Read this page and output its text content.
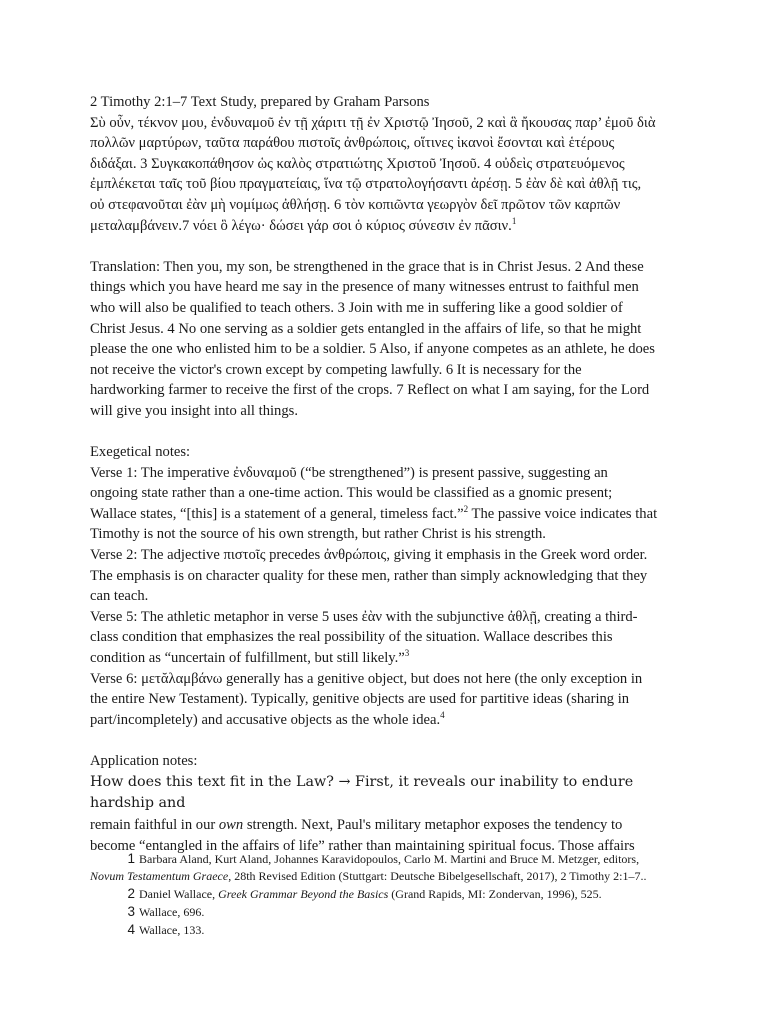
2 Timothy 2:1–7 Text Study, prepared by Graham Parsons

Σὺ οὖν, τέκνον μου, ἐνδυναμοῦ ἐν τῇ χάριτι τῇ ἐν Χριστῷ Ἰησοῦ, 2 καὶ ἃ ἤκουσας παρ’ ἐμοῦ διὰ

πολλῶν μαρτύρων, ταῦτα παράθου πιστοῖς ἀνθρώποις, οἵτινες ἱκανοὶ ἔσονται καὶ ἑτέρους

διδάξαι. 3 Συγκακοπάθησον ὡς καλὸς στρατιώτης Χριστοῦ Ἰησοῦ. 4 οὐδεὶς στρατευόμενος

ἐμπλέκεται ταῖς τοῦ βίου πραγματείαις, ἵνα τῷ στρατολογήσαντι ἀρέσῃ. 5 ἐὰν δὲ καὶ ἀθλῇ τις,

οὐ στεφανοῦται ἐὰν μὴ νομίμως ἀθλήσῃ. 6 τὸν κοπιῶντα γεωργὸν δεῖ πρῶτον τῶν καρπῶν

μεταλαμβάνειν.7 νόει ὃ λέγω· δώσει γάρ σοι ὁ κύριος σύνεσιν ἐν πᾶσιν.$^1$

Translation: Then you, my son, be strengthened in the grace that is in Christ Jesus. 2 And these

things which you have heard me say in the presence of many witnesses entrust to faithful men

who will also be qualified to teach others. 3 Join with me in suffering like a good soldier of

Christ Jesus. 4 No one serving as a soldier gets entangled in the affairs of life, so that he might

please the one who enlisted him to be a soldier. 5 Also, if anyone competes as an athlete, he does

not receive the victor's crown except by competing lawfully. 6 It is necessary for the

hardworking farmer to receive the first of the crops. 7 Reflect on what I am saying, for the Lord

will give you insight into all things.

Exegetical notes:

Verse 1: The imperative ἐνδυναμοῦ (“be strengthened”) is present passive, suggesting an

ongoing state rather than a one-time action. This would be classified as a gnomic present;

Wallace states, “[this] is a statement of a general, timeless fact.”$^2$ The passive voice indicates that

Timothy is not the source of his own strength, but rather Christ is his strength.

Verse 2: The adjective πιστοῖς precedes ἀνθρώποις, giving it emphasis in the Greek word order.

The emphasis is on character quality for these men, rather than simply acknowledging that they

can teach.

Verse 5: The athletic metaphor in verse 5 uses ἐὰν with the subjunctive ἀθλῇ, creating a third-

class condition that emphasizes the real possibility of the situation. Wallace describes this

condition as “uncertain of fulfillment, but still likely.”$^3$

Verse 6: μετᾰλαμβάνω generally has a genitive object, but does not here (the only exception in

the entire New Testament). Typically, genitive objects are used for partitive ideas (sharing in

part/incompletely) and accusative objects as the whole idea.$^4$

Application notes:

How does this text fit in the Law? → First, it reveals our inability to endure hardship and

remain faithful in our own strength. Next, Paul's military metaphor exposes the tendency to

become “entangled in the affairs of life” rather than maintaining spiritual focus. Those affairs

1 Barbara Aland, Kurt Aland, Johannes Karavidopoulos, Carlo M. Martini and Bruce M. Metzger, editors,

Novum Testamentum Graece, 28th Revised Edition (Stuttgart: Deutsche Bibelgesellschaft, 2017), 2 Timothy 2:1–7..

2 Daniel Wallace, Greek Grammar Beyond the Basics (Grand Rapids, MI: Zondervan, 1996), 525.

3 Wallace, 696.

4 Wallace, 133.
